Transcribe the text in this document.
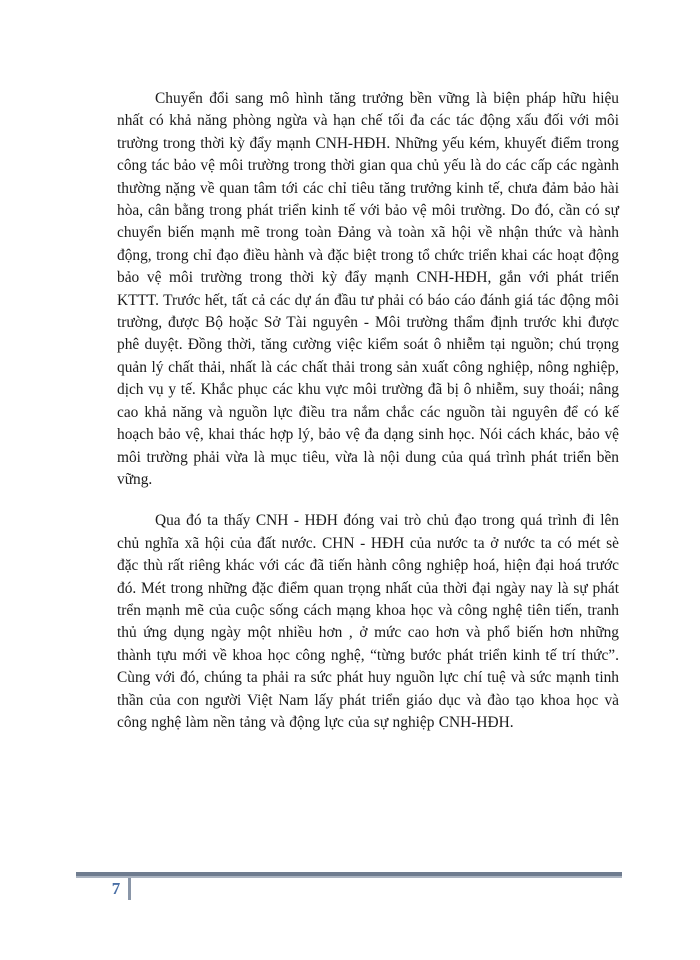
Chuyển đổi sang mô hình tăng trưởng bền vững là biện pháp hữu hiệu nhất có khả năng phòng ngừa và hạn chế tối đa các tác động xấu đối với môi trường trong thời kỳ đẩy mạnh CNH-HĐH. Những yếu kém, khuyết điểm trong công tác bảo vệ môi trường trong thời gian qua chủ yếu là do các cấp các ngành thường nặng về quan tâm tới các chỉ tiêu tăng trưởng kinh tế, chưa đảm bảo hài hòa, cân bằng trong phát triển kinh tế với bảo vệ môi trường. Do đó, cần có sự chuyển biến mạnh mẽ trong toàn Đảng và toàn xã hội về nhận thức và hành động, trong chỉ đạo điều hành và đặc biệt trong tổ chức triển khai các hoạt động bảo vệ môi trường trong thời kỳ đẩy mạnh CNH-HĐH, gắn với phát triển KTTT. Trước hết, tất cả các dự án đầu tư phải có báo cáo đánh giá tác động môi trường, được Bộ hoặc Sở Tài nguyên - Môi trường thẩm định trước khi được phê duyệt. Đồng thời, tăng cường việc kiểm soát ô nhiễm tại nguồn; chú trọng quản lý chất thải, nhất là các chất thải trong sản xuất công nghiệp, nông nghiệp, dịch vụ y tế. Khắc phục các khu vực môi trường đã bị ô nhiễm, suy thoái; nâng cao khả năng và nguồn lực điều tra nắm chắc các nguồn tài nguyên để có kế hoạch bảo vệ, khai thác hợp lý, bảo vệ đa dạng sinh học. Nói cách khác, bảo vệ môi trường phải vừa là mục tiêu, vừa là nội dung của quá trình phát triển bền vững.

Qua đó ta thấy CNH - HĐH đóng vai trò chủ đạo trong quá trình đi lên chủ nghĩa xã hội của đất nước. CHN - HĐH của nước ta ở nước ta có mét sè đặc thù rất riêng khác với các đã tiến hành công nghiệp hoá, hiện đại hoá trước đó. Mét trong những đặc điểm quan trọng nhất của thời đại ngày nay là sự phát trển mạnh mẽ của cuộc sống cách mạng khoa học và công nghệ tiên tiến, tranh thủ ứng dụng ngày một nhiều hơn , ở mức cao hơn và phổ biến hơn những thành tựu mới về khoa học công nghệ, “từng bước phát triển kinh tế trí thức”. Cùng với đó, chúng ta phải ra sức phát huy nguồn lực chí tuệ và sức mạnh tinh thần của con người Việt Nam lấy phát triển giáo dục và đào tạo khoa học và công nghệ làm nền tảng và động lực của sự nghiệp CNH-HĐH.

7
